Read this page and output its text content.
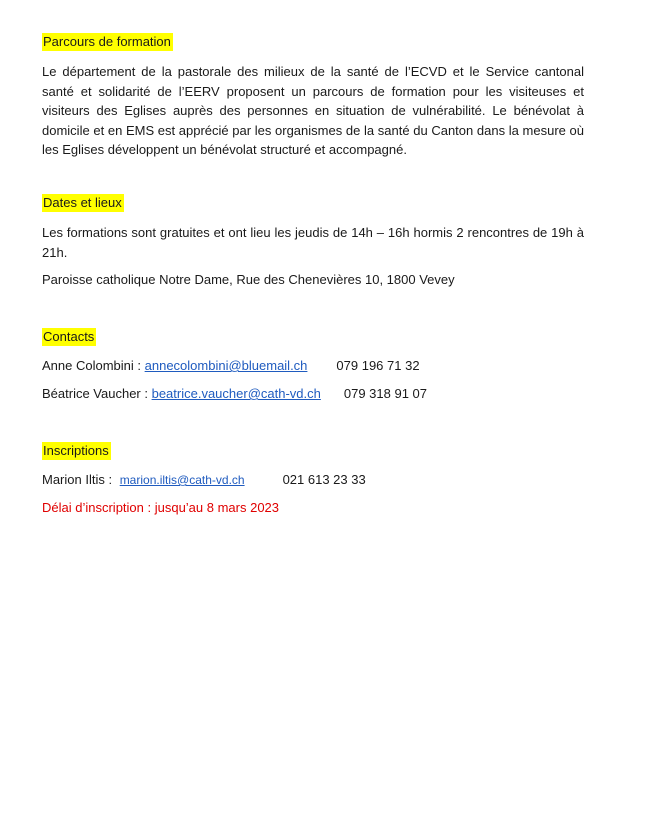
Parcours de formation

Le département de la pastorale des milieux de la santé de l’ECVD et le Service cantonal santé et solidarité de l’EERV proposent un parcours de formation pour les visiteuses et visiteurs des Eglises auprès des personnes en situation de vulnérabilité. Le bénévolat à domicile et en EMS est apprécié par les organismes de la santé du Canton dans la mesure où les Eglises développent un bénévolat structuré et accompagné.

Dates et lieux

Les formations sont gratuites et ont lieu les jeudis de 14h – 16h hormis 2 rencontres de 19h à 21h.

Paroisse catholique Notre Dame, Rue des Chenevières 10, 1800 Vevey
Contacts
Anne Colombini : annecolombini@bluemail.ch 079 196 71 32
Béatrice Vaucher : beatrice.vaucher@cath-vd.ch 079 318 91 07
Inscriptions
Marion Iltis : marion.iltis@cath-vd.ch	021 613 23 33
Délai d’inscription : jusqu’au 8 mars 2023
